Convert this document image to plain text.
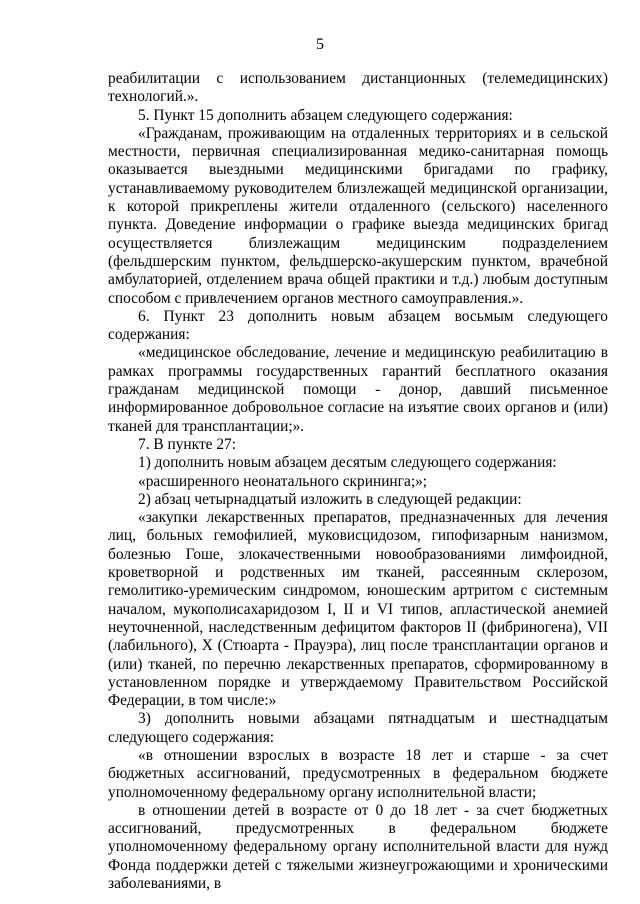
5

реабилитации с использованием дистанционных (телемедицинских) технологий.».

5. Пункт 15 дополнить абзацем следующего содержания:

«Гражданам, проживающим на отдаленных территориях и в сельской местности, первичная специализированная медико-санитарная помощь оказывается выездными медицинскими бригадами по графику, устанавливаемому руководителем близлежащей медицинской организации, к которой прикреплены жители отдаленного (сельского) населенного пункта. Доведение информации о графике выезда медицинских бригад осуществляется близлежащим медицинским подразделением (фельдшерским пунктом, фельдшерско-акушерским пунктом, врачебной амбулаторией, отделением врача общей практики и т.д.) любым доступным способом с привлечением органов местного самоуправления.».

6. Пункт 23 дополнить новым абзацем восьмым следующего содержания:

«медицинское обследование, лечение и медицинскую реабилитацию в рамках программы государственных гарантий бесплатного оказания гражданам медицинской помощи - донор, давший письменное информированное добровольное согласие на изъятие своих органов и (или) тканей для трансплантации;».

7. В пункте 27:

1) дополнить новым абзацем десятым следующего содержания:

«расширенного неонатального скрининга;»;

2) абзац четырнадцатый изложить в следующей редакции:

«закупки лекарственных препаратов, предназначенных для лечения лиц, больных гемофилией, муковисцидозом, гипофизарным нанизмом, болезнью Гоше, злокачественными новообразованиями лимфоидной, кроветворной и родственных им тканей, рассеянным склерозом, гемолитико-уремическим синдромом, юношеским артритом с системным началом, мукополисахаридозом I, II и VI типов, апластической анемией неуточненной, наследственным дефицитом факторов II (фибриногена), VII (лабильного), X (Стюарта - Прауэра), лиц после трансплантации органов и (или) тканей, по перечню лекарственных препаратов, сформированному в установленном порядке и утверждаемому Правительством Российской Федерации, в том числе:»

3) дополнить новыми абзацами пятнадцатым и шестнадцатым следующего содержания:

«в отношении взрослых в возрасте 18 лет и старше - за счет бюджетных ассигнований, предусмотренных в федеральном бюджете уполномоченному федеральному органу исполнительной власти;

в отношении детей в возрасте от 0 до 18 лет - за счет бюджетных ассигнований, предусмотренных в федеральном бюджете уполномоченному федеральному органу исполнительной власти для нужд Фонда поддержки детей с тяжелыми жизнеугрожающими и хроническими заболеваниями, в
